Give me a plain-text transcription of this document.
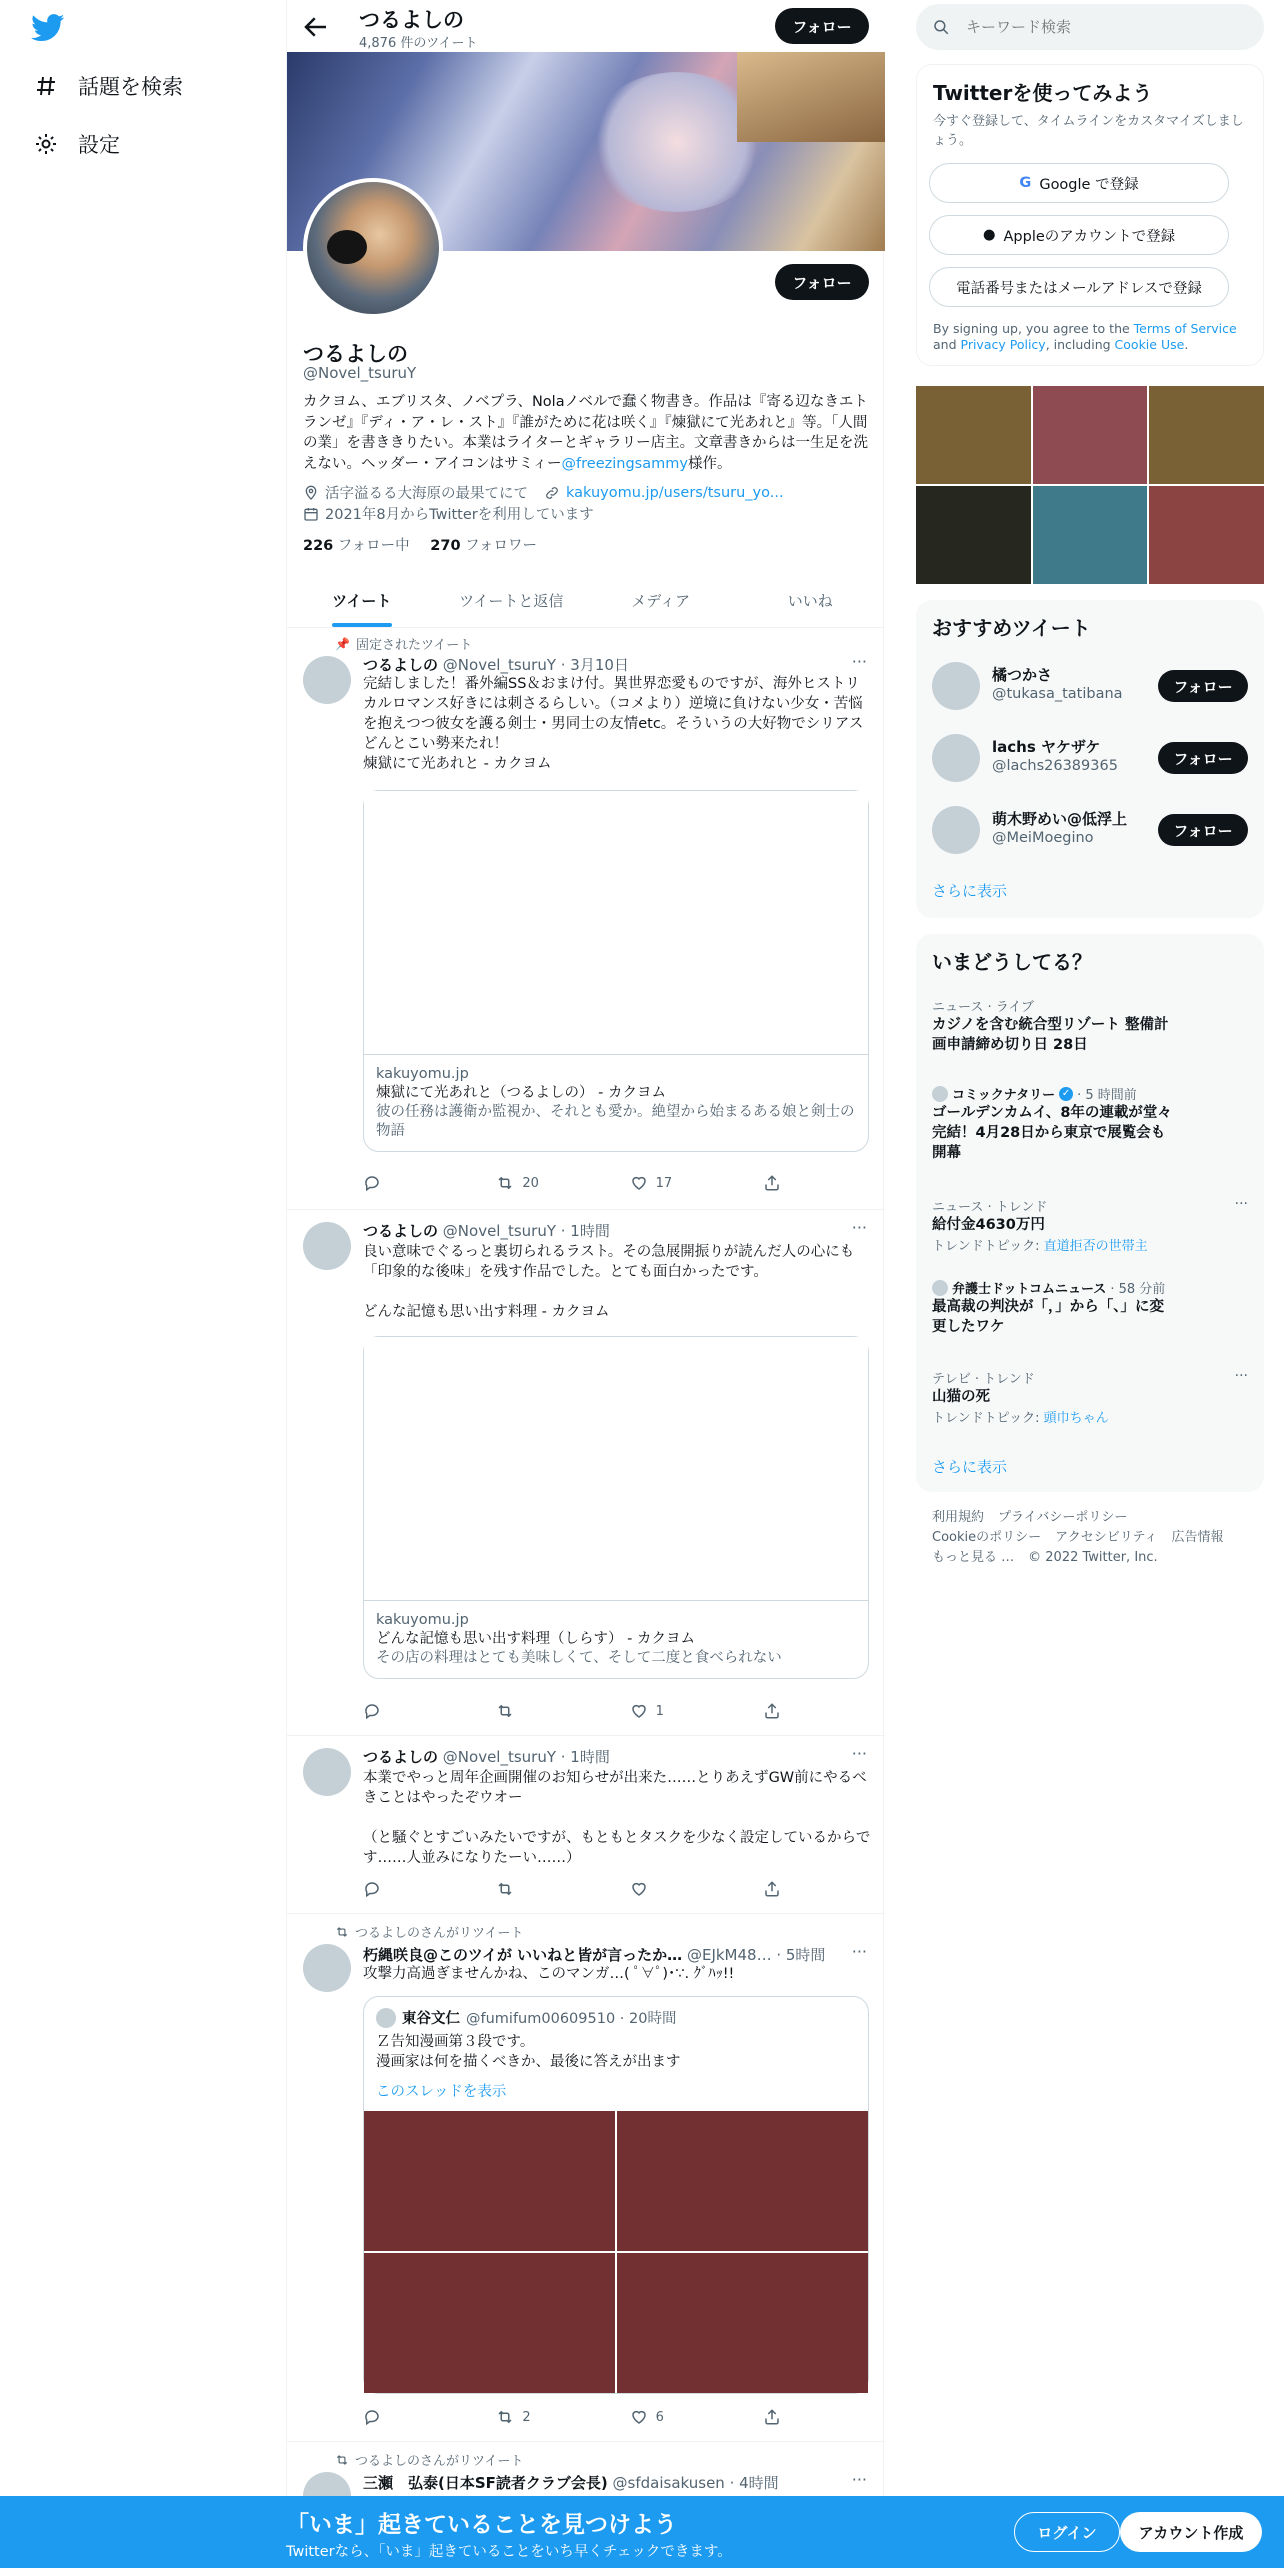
話題を検索
設定
つるよしの
4,876 件のツイート
フォロー
フォロー
つるよしの
@Novel_tsuruY
カクヨム、エブリスタ、ノベプラ、Nolaノベルで蠢く物書き。作品は『寄る辺なきエトランゼ』『ディ・ア・レ・スト』『誰がために花は咲く』『煉獄にて光あれと』等。「人間の業」を書ききりたい。本業はライターとギャラリー店主。文章書きからは一生足を洗えない。ヘッダー・アイコンはサミィー@freezingsammy様作。
活字溢るる大海原の最果てにて	kakuyomu.jp/users/tsuru_yo...
2021年8月からTwitterを利用しています
226 フォロー中 270 フォロワー
ツイート	ツイートと返信	メディア	いいね
📌 固定されたツイート
つるよしの @Novel_tsuruY · 3月10日	···
完結しました！番外編SS＆おまけ付。異世界恋愛ものですが、海外ヒストリカルロマンス好きには刺さるらしい。（コメより）逆境に負けない少女・苦悩を抱えつつ彼女を護る剣士・男同士の友情etc。そういうの大好物でシリアスどんとこい勢来たれ！
煉獄にて光あれと - カクヨム
kakuyomu.jp
煉獄にて光あれと（つるよしの） - カクヨム
彼の任務は護衛か監視か、それとも愛か。絶望から始まるある娘と剣士の物語
20	17
つるよしの @Novel_tsuruY · 1時間	···
良い意味でぐるっと裏切られるラスト。その急展開振りが読んだ人の心にも「印象的な後味」を残す作品でした。とても面白かったです。

どんな記憶も思い出す料理 - カクヨム
kakuyomu.jp
どんな記憶も思い出す料理（しらす） - カクヨム
その店の料理はとても美味しくて、そして二度と食べられない
1
つるよしの @Novel_tsuruY · 1時間	···
本業でやっと周年企画開催のお知らせが出来た……とりあえずGW前にやるべきことはやったぞウオー

（と騒ぐとすごいみたいですが、もともとタスクを少なく設定しているからです……人並みになりたーい……）
つるよしのさんがリツイート
朽縄咲良@このツイが いいねと皆が言ったか… @EJkM48… · 5時間 ···
攻撃力高過ぎませんかね、このマンガ…( ﾟ∀ﾟ)･∵. ｸﾞﾊｯ!!
東谷文仁 @fumifum00609510 · 20時間
Ｚ告知漫画第３段です。
漫画家は何を描くべきか、最後に答えが出ます
このスレッドを表示
2	6
つるよしのさんがリツイート
三瀬　弘泰(日本SF読者クラブ会長) @sfdaisakusen · 4時間	···
キーワード検索
Twitterを使ってみよう
今すぐ登録して、タイムラインをカスタマイズしましょう。
G Google で登録
● Appleのアカウントで登録
電話番号またはメールアドレスで登録
By signing up, you agree to the Terms of Service and Privacy Policy, including Cookie Use.
おすすめツイート
橘つかさ
@tukasa_tatibana	フォロー
lachs ヤケザケ
@lachs26389365	フォロー
萌木野めい@低浮上
@MeiMoegino	フォロー
さらに表示
いまどうしてる？
ニュース · ライブ
カジノを含む統合型リゾート 整備計画申請締め切り日 28日
コミックナタリー ✓ · 5 時間前
ゴールデンカムイ、8年の連載が堂々完結！4月28日から東京で展覧会も開幕
ニュース · トレンド
給付金4630万円
トレンドトピック: 直道拒否の世帯主
···
弁護士ドットコムニュース · 58 分前
最高裁の判決が「，」から「、」に変更したワケ
テレビ · トレンド
山猫の死
トレンドトピック: 頭巾ちゃん
···
さらに表示
利用規約 プライバシーポリシー
Cookieのポリシー アクセシビリティ 広告情報
もっと見る … © 2022 Twitter, Inc.
「いま」起きていることを見つけよう
Twitterなら、「いま」起きていることをいち早くチェックできます。
ログイン	アカウント作成
